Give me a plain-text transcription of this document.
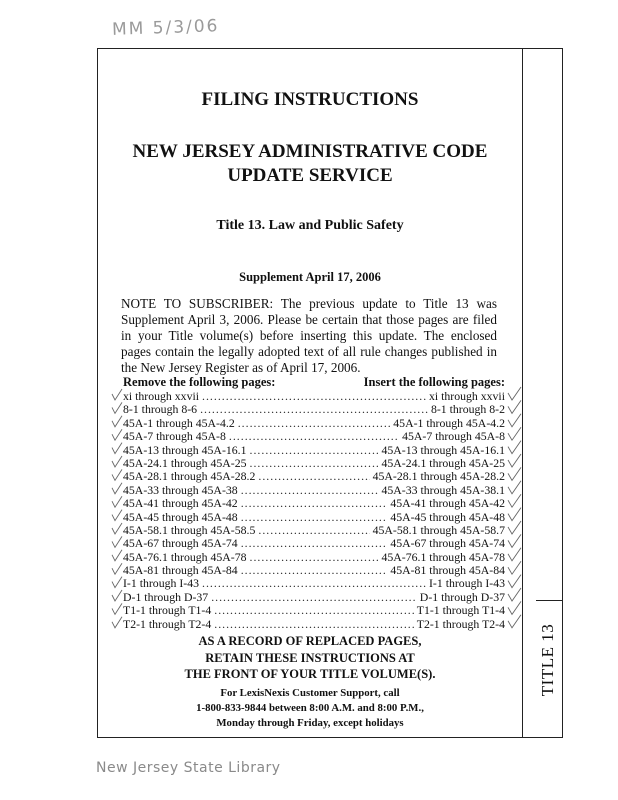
MM 5/3/06
TITLE 13
FILING INSTRUCTIONS
NEW JERSEY ADMINISTRATIVE CODE
UPDATE SERVICE
Title 13. Law and Public Safety
Supplement April 17, 2006
NOTE TO SUBSCRIBER: The previous update to Title 13 was Supplement April 3, 2006. Please be certain that those pages are filed in your Title volume(s) before inserting this update. The enclosed pages contain the legally adopted text of all rule changes published in the New Jersey Register as of April 17, 2006.
Remove the following pages:	Insert the following pages:
xi through xxvii .....	xi through xxvii
8-1 through 8-6 .....	8-1 through 8-2
45A-1 through 45A-4.2 .....	45A-1 through 45A-4.2
45A-7 through 45A-8 .....	45A-7 through 45A-8
45A-13 through 45A-16.1 .....	45A-13 through 45A-16.1
45A-24.1 through 45A-25 .....	45A-24.1 through 45A-25
45A-28.1 through 45A-28.2 .....	45A-28.1 through 45A-28.2
45A-33 through 45A-38 .....	45A-33 through 45A-38.1
45A-41 through 45A-42 .....	45A-41 through 45A-42
45A-45 through 45A-48 .....	45A-45 through 45A-48
45A-58.1 through 45A-58.5 .....	45A-58.1 through 45A-58.7
45A-67 through 45A-74 .....	45A-67 through 45A-74
45A-76.1 through 45A-78 .....	45A-76.1 through 45A-78
45A-81 through 45A-84 .....	45A-81 through 45A-84
I-1 through I-43 .....	I-1 through I-43
D-1 through D-37 .....	D-1 through D-37
T1-1 through T1-4 .....	T1-1 through T1-4
T2-1 through T2-4 .....	T2-1 through T2-4
AS A RECORD OF REPLACED PAGES,
RETAIN THESE INSTRUCTIONS AT
THE FRONT OF YOUR TITLE VOLUME(S).
For LexisNexis Customer Support, call
1-800-833-9844 between 8:00 A.M. and 8:00 P.M.,
Monday through Friday, except holidays
New Jersey State Library
